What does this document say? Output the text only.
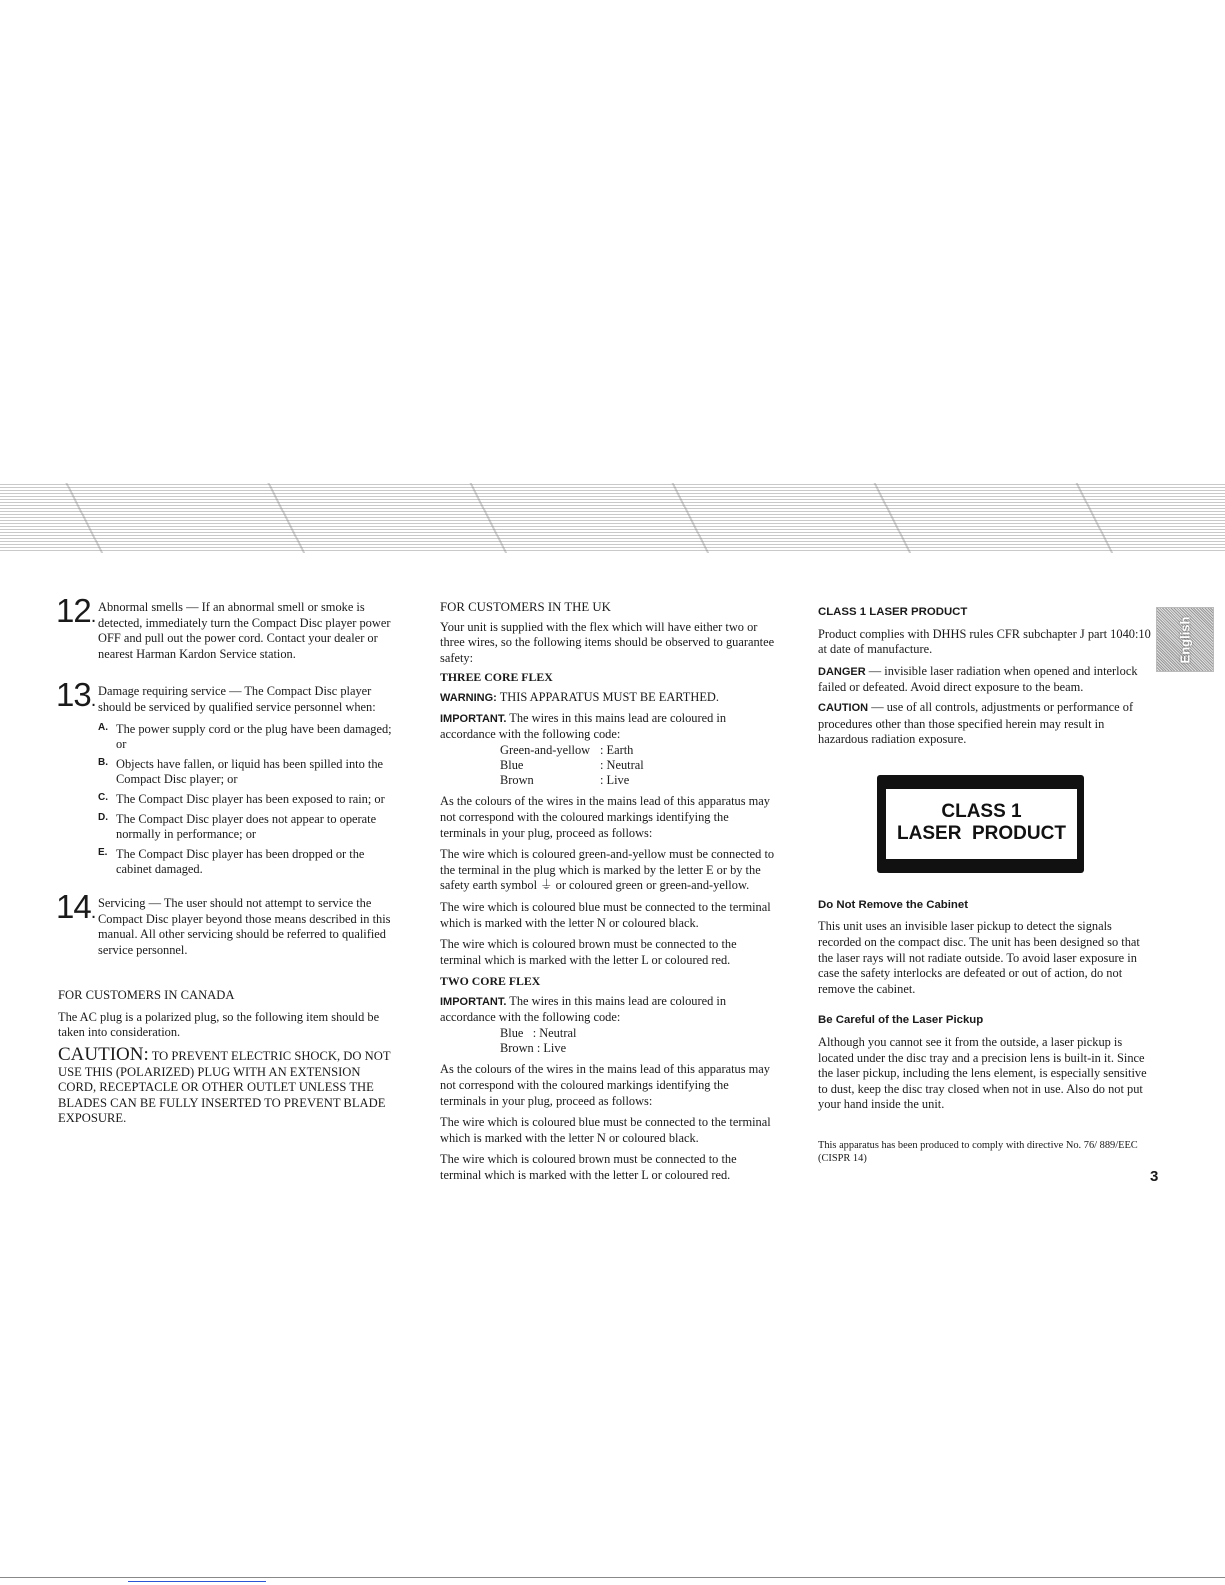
12. Abnormal smells — If an abnormal smell or smoke is detected, immediately turn the Compact Disc player power OFF and pull out the power cord. Contact your dealer or nearest Harman Kardon Service station.

13. Damage requiring service — The Compact Disc player should be serviced by qualified service personnel when:

A. The power supply cord or the plug have been damaged; or

B. Objects have fallen, or liquid has been spilled into the Compact Disc player; or

C. The Compact Disc player has been exposed to rain; or

D. The Compact Disc player does not appear to operate normally in performance; or

E. The Compact Disc player has been dropped or the cabinet damaged.

14. Servicing — The user should not attempt to service the Compact Disc player beyond those means described in this manual. All other servicing should be referred to qualified service personnel.

FOR CUSTOMERS IN CANADA

The AC plug is a polarized plug, so the following item should be taken into consideration.

CAUTION: TO PREVENT ELECTRIC SHOCK, DO NOT USE THIS (POLARIZED) PLUG WITH AN EXTENSION CORD, RECEPTACLE OR OTHER OUTLET UNLESS THE BLADES CAN BE FULLY INSERTED TO PREVENT BLADE EXPOSURE.

FOR CUSTOMERS IN THE UK

Your unit is supplied with the flex which will have either two or three wires, so the following items should be observed to guarantee safety:

THREE CORE FLEX

WARNING: THIS APPARATUS MUST BE EARTHED.

IMPORTANT. The wires in this mains lead are coloured in accordance with the following code:

Green-and-yellow : Earth
Blue	: Neutral
Brown	: Live

As the colours of the wires in the mains lead of this apparatus may not correspond with the coloured markings identifying the terminals in your plug, proceed as follows:

The wire which is coloured green-and-yellow must be connected to the terminal in the plug which is marked by the letter E or by the safety earth symbol ⏚ or coloured green or green-and-yellow.

The wire which is coloured blue must be connected to the terminal which is marked with the letter N or coloured black.

The wire which is coloured brown must be connected to the terminal which is marked with the letter L or coloured red.

TWO CORE FLEX

IMPORTANT. The wires in this mains lead are coloured in accordance with the following code:

Blue   : Neutral
Brown : Live

As the colours of the wires in the mains lead of this apparatus may not correspond with the coloured markings identifying the terminals in your plug, proceed as follows:

The wire which is coloured blue must be connected to the terminal which is marked with the letter N or coloured black.

The wire which is coloured brown must be connected to the terminal which is marked with the letter L or coloured red.

CLASS 1 LASER PRODUCT

Product complies with DHHS rules CFR subchapter J part 1040:10 at date of manufacture.

DANGER — invisible laser radiation when opened and interlock failed or defeated. Avoid direct exposure to the beam.

CAUTION — use of all controls, adjustments or performance of procedures other than those specified herein may result in hazardous radiation exposure.

Do Not Remove the Cabinet

This unit uses an invisible laser pickup to detect the signals recorded on the compact disc. The unit has been designed so that the laser rays will not radiate outside. To avoid laser exposure in case the safety interlocks are defeated or out of action, do not remove the cabinet.

Be Careful of the Laser Pickup

Although you cannot see it from the outside, a laser pickup is located under the disc tray and a precision lens is built-in it. Since the laser pickup, including the lens element, is especially sensitive to dust, keep the disc tray closed when not in use. Also do not put your hand inside the unit.

This apparatus has been produced to comply with directive No. 76/ 889/EEC (CISPR 14)

CLASS 1
LASER  PRODUCT
English
3
